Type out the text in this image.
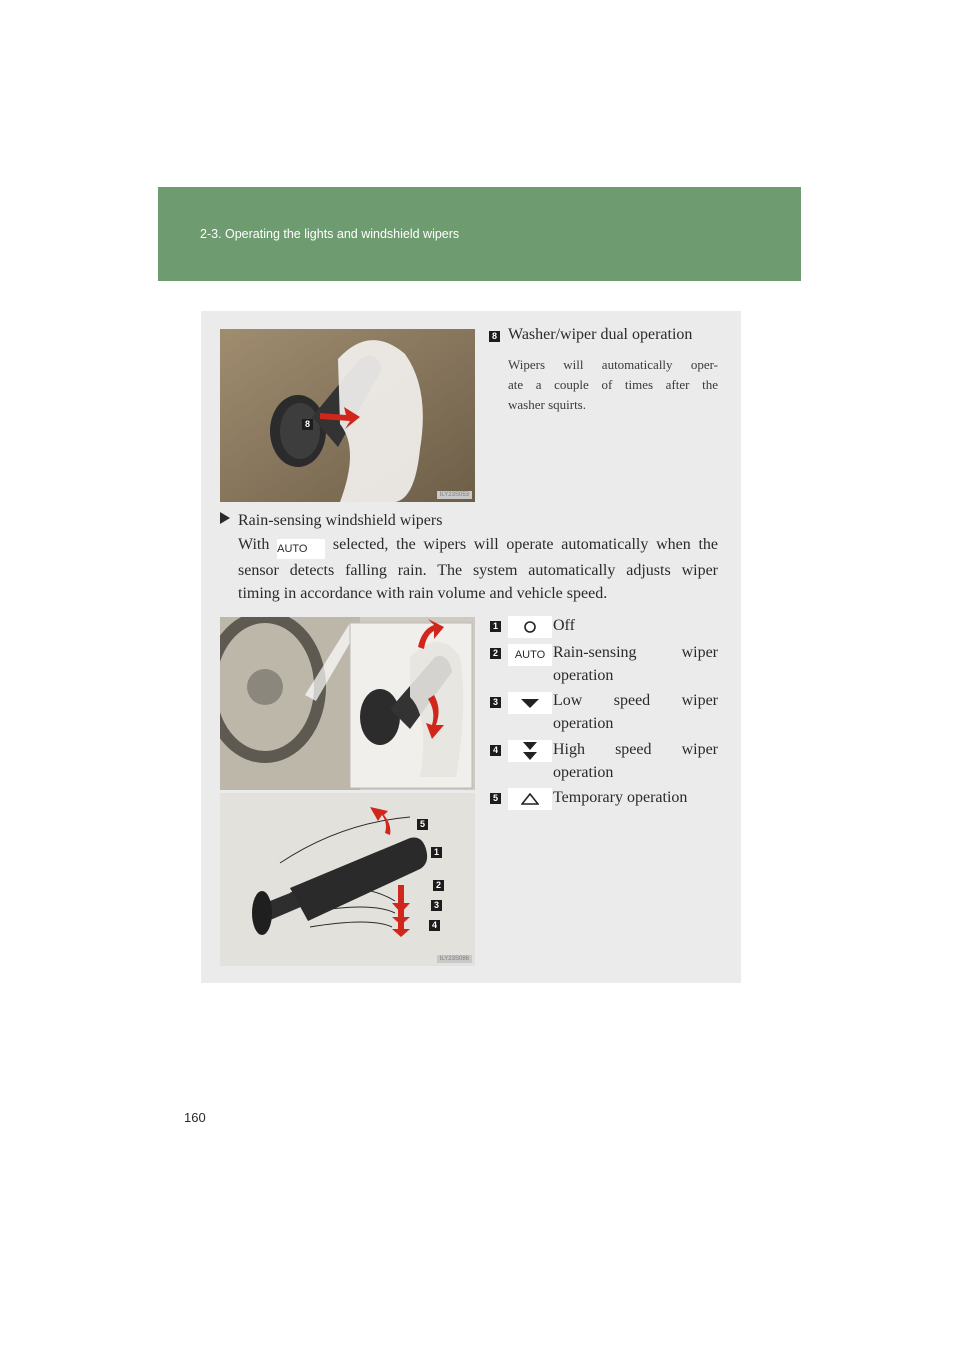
2-3. Operating the lights and windshield wipers
8
ILY23S053
8 Washer/wiper dual operation
Wipers will automatically oper-
ate a couple of times after the
washer squirts.
Rain-sensing windshield wipers
With AUTO selected, the wipers will operate automatically when the
sensor detects falling rain. The system automatically adjusts wiper
timing in accordance with rain volume and vehicle speed.
5
1
2
3
4
ILY23S086
1	Off
2	AUTO Rain-sensing wiper
operation
3	Low speed wiper
operation
4	High speed wiper
operation
5	Temporary operation
160
